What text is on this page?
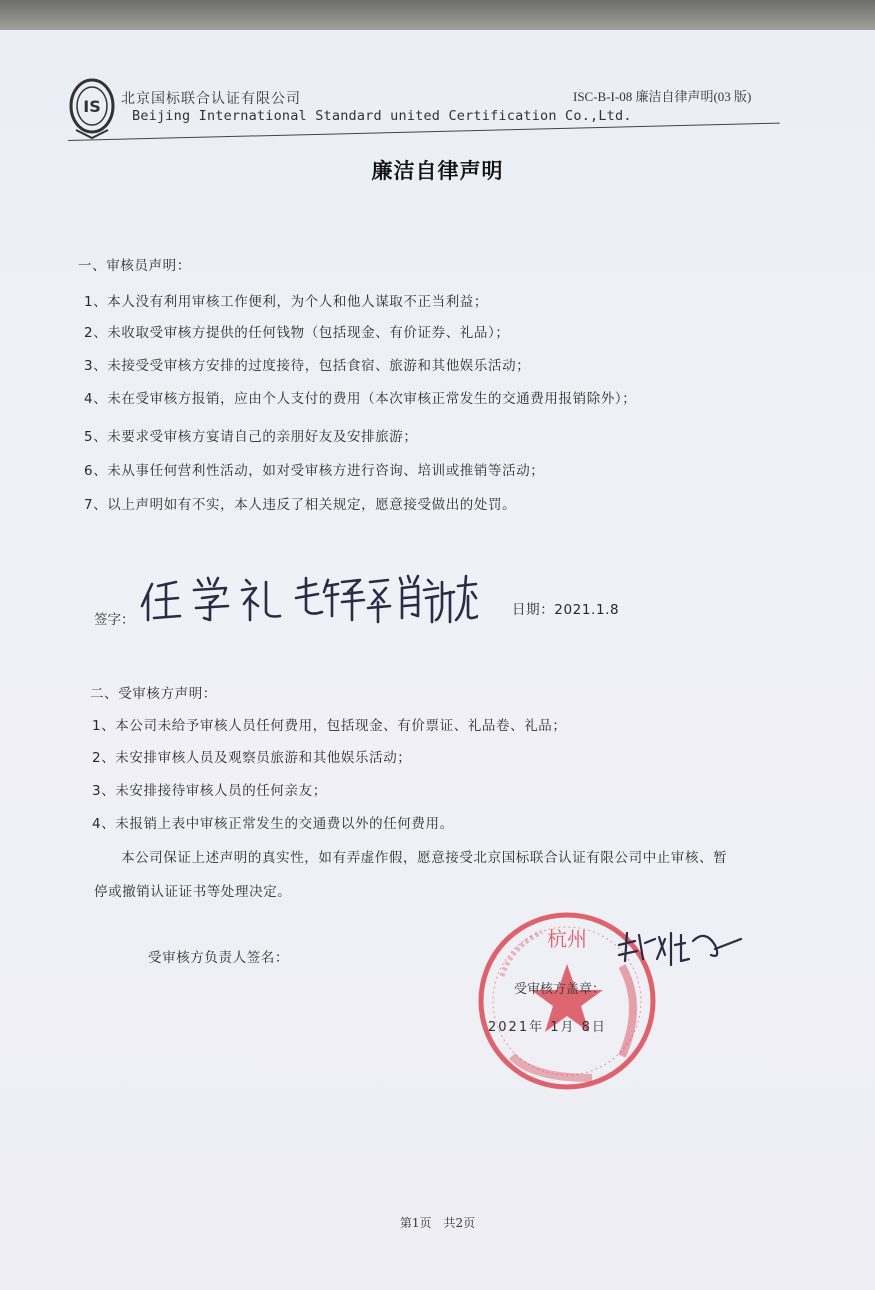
IS 北京国标联合认证有限公司
Beijing International Standard united Certification Co.,Ltd.
ISC-B-I-08 廉洁自律声明(03 版)
廉洁自律声明
一、审核员声明：
1、本人没有利用审核工作便利，为个人和他人谋取不正当利益；
2、未收取受审核方提供的任何钱物（包括现金、有价证券、礼品）；
3、未接受受审核方安排的过度接待，包括食宿、旅游和其他娱乐活动；
4、未在受审核方报销，应由个人支付的费用（本次审核正常发生的交通费用报销除外）；
5、未要求受审核方宴请自己的亲朋好友及安排旅游；
6、未从事任何营利性活动，如对受审核方进行咨询、培训或推销等活动；
7、以上声明如有不实，本人违反了相关规定，愿意接受做出的处罚。
签字：
日期：2021.1.8
二、受审核方声明：
1、本公司未给予审核人员任何费用，包括现金、有价票证、礼品卷、礼品；
2、未安排审核人员及观察员旅游和其他娱乐活动；
3、未安排接待审核人员的任何亲友；
4、未报销上表中审核正常发生的交通费以外的任何费用。
本公司保证上述声明的真实性，如有弄虚作假，愿意接受北京国标联合认证有限公司中止审核、暂
停或撤销认证证书等处理决定。
受审核方负责人签名：
杭州
受审核方盖章：
2021年 1月 8日
第1页　共2页
